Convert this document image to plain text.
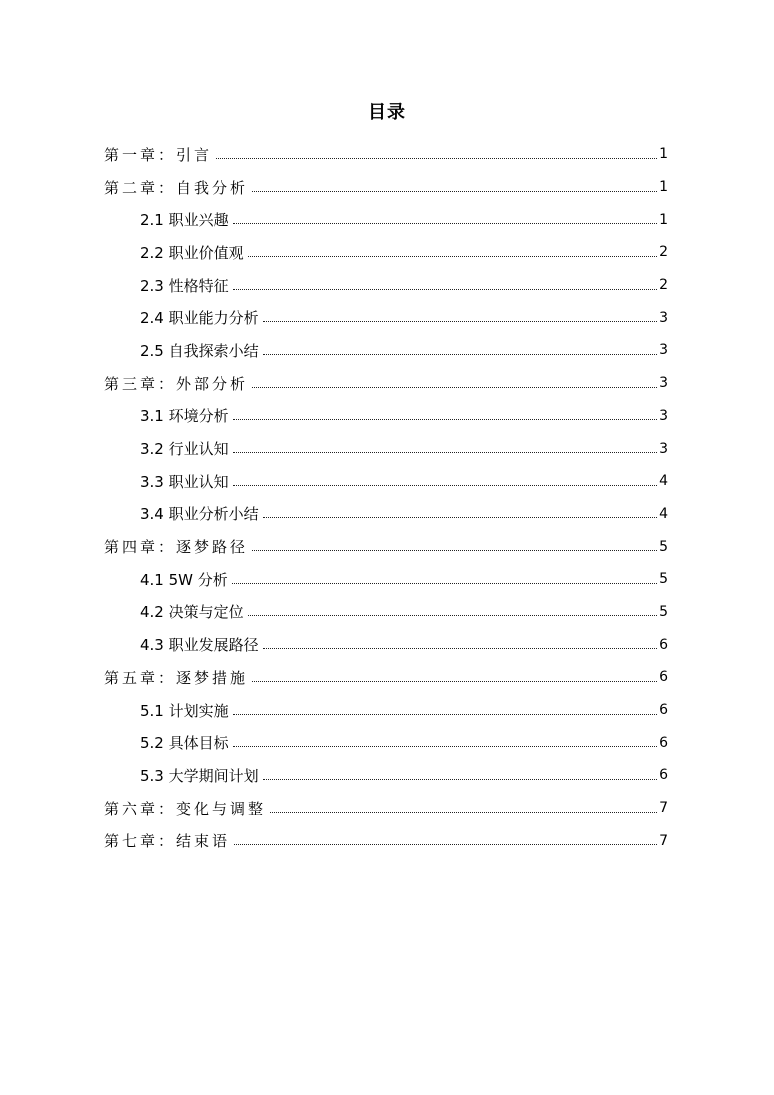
目录
第一章：引言	1
第二章：自我分析	1
2.1 职业兴趣	1
2.2 职业价值观	2
2.3 性格特征	2
2.4 职业能力分析	3
2.5 自我探索小结	3
第三章：外部分析	3
3.1 环境分析	3
3.2 行业认知	3
3.3 职业认知	4
3.4 职业分析小结	4
第四章：逐梦路径	5
4.1 5W 分析	5
4.2 决策与定位	5
4.3 职业发展路径	6
第五章：逐梦措施	6
5.1 计划实施	6
5.2 具体目标	6
5.3 大学期间计划	6
第六章：变化与调整	7
第七章：结束语	7
